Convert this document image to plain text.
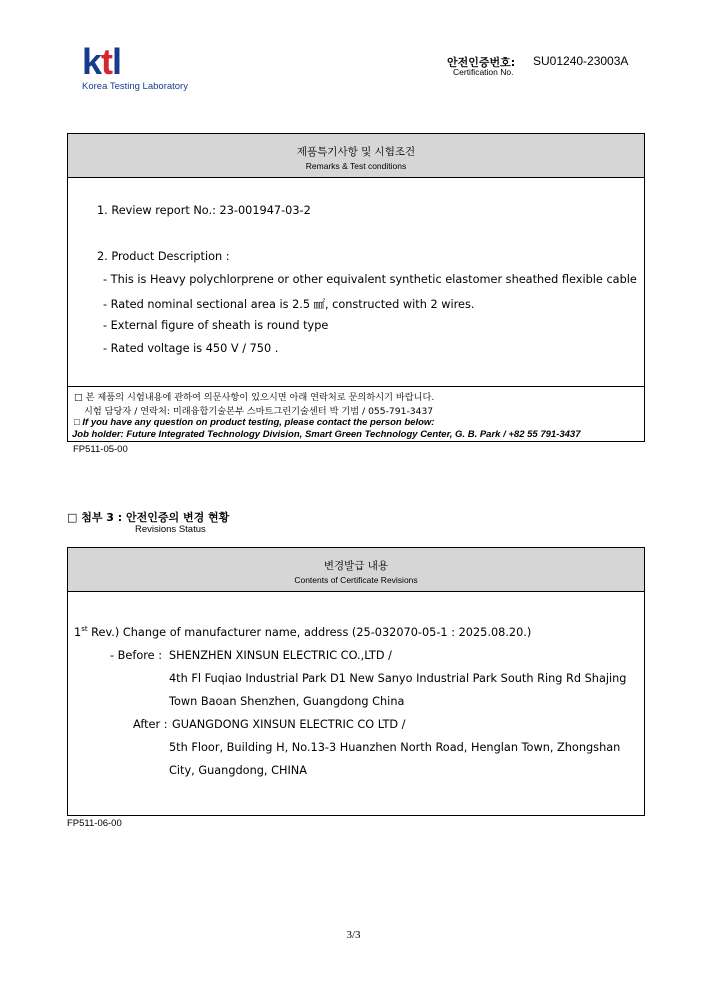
ktl
Korea Testing Laboratory
안전인증번호: SU01240-23003A
Certification No.
제품특기사항 및 시험조건
Remarks & Test conditions
1. Review report No.: 23-001947-03-2
2. Product Description :
- This is Heavy polychlorprene or other equivalent synthetic elastomer sheathed flexible cable
- Rated nominal sectional area is 2.5 ㎟, constructed with 2 wires.
- External figure of sheath is round type
- Rated voltage is 450 V / 750 .
□ 본 제품의 시험내용에 관하여 의문사항이 있으시면 아래 연락처로 문의하시기 바랍니다.
시험 담당자 / 연락처: 미래융합기술본부 스마트그린기술센터 박 기범 / 055-791-3437
□ If you have any question on product testing, please contact the person below:
Job holder: Future Integrated Technology Division, Smart Green Technology Center, G. B. Park / +82 55 791-3437
FP511-05-00
□ 첨부 3 : 안전인증의 변경 현황
Revisions Status
변경발급 내용
Contents of Certificate Revisions
1st Rev.) Change of manufacturer name, address (25-032070-05-1 : 2025.08.20.)
- Before : SHENZHEN XINSUN ELECTRIC CO.,LTD /
4th Fl Fuqiao Industrial Park D1 New Sanyo Industrial Park South Ring Rd Shajing
Town Baoan Shenzhen, Guangdong China
After : GUANGDONG XINSUN ELECTRIC CO LTD /
5th Floor, Building H, No.13-3 Huanzhen North Road, Henglan Town, Zhongshan
City, Guangdong, CHINA
FP511-06-00
3/3
